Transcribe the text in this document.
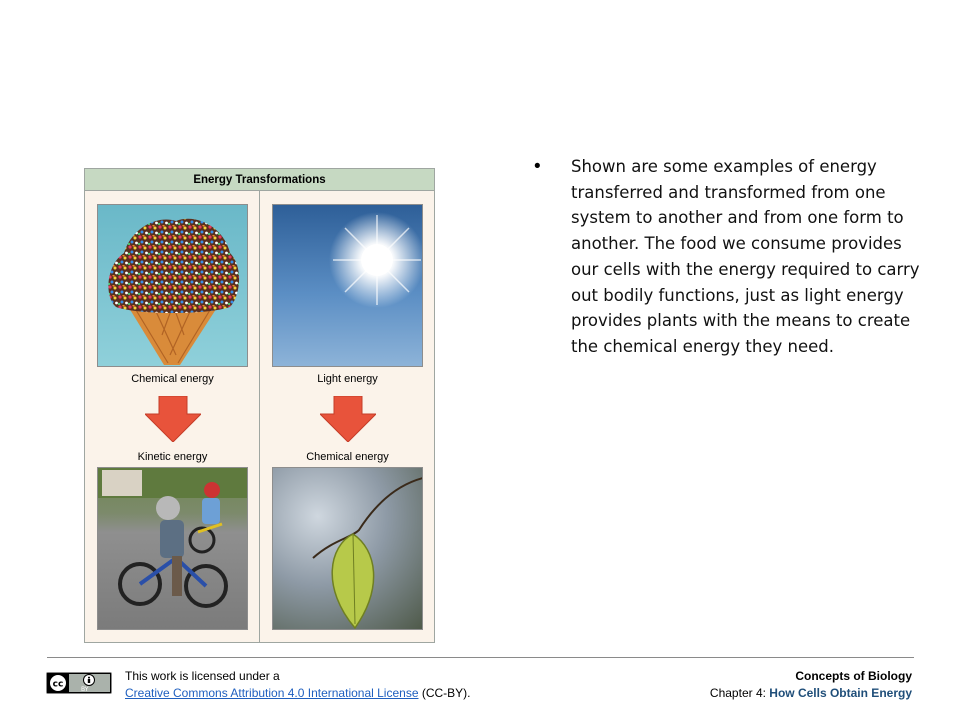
Energy Transformations
Chemical energy	Light energy
Kinetic energy	Chemical energy
• Shown are some examples of energy transferred and transformed from one system to another and from one form to another. The food we consume provides our cells with the energy required to carry out bodily functions, just as light energy provides plants with the means to create the chemical energy they need.
cc	BY
This work is licensed under a
Creative Commons Attribution 4.0 International License (CC-BY).
Concepts of Biology
Chapter 4: How Cells Obtain Energy
